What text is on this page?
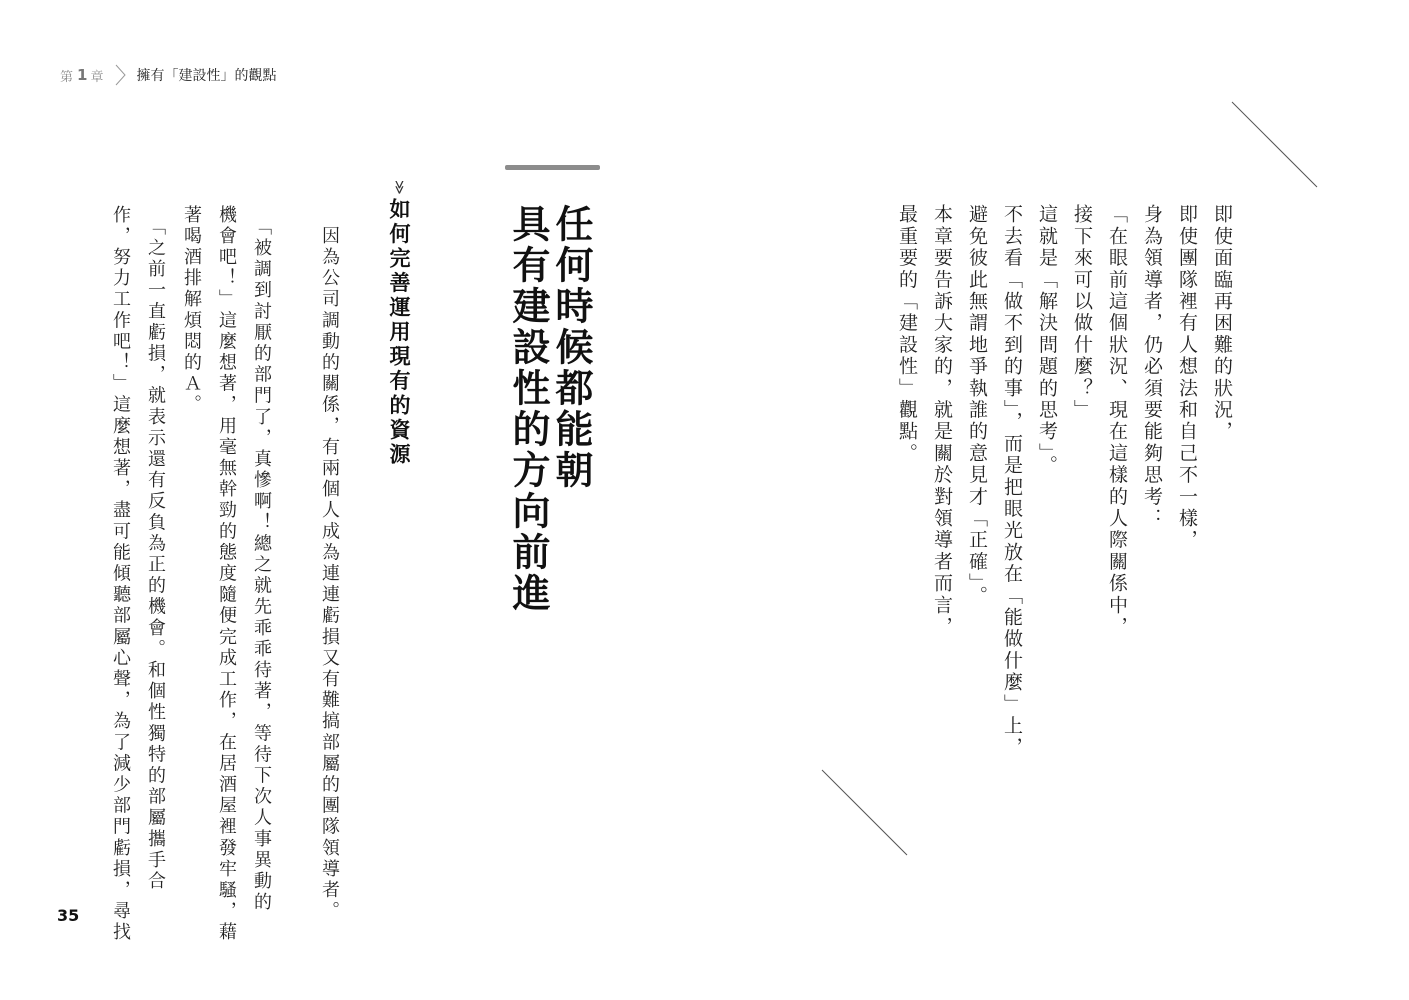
第 1 章 擁有「建設性」的觀點
即使面臨再困難的狀況，
即使團隊裡有人想法和自己不一樣，
身為領導者，仍必須要能夠思考：
「在眼前這個狀況、現在這樣的人際關係中，
接下來可以做什麼？」
這就是「解決問題的思考」。
不去看「做不到的事」，而是把眼光放在「能做什麼」上，
避免彼此無謂地爭執誰的意見才「正確」。
本章要告訴大家的，就是關於對領導者而言，
最重要的「建設性」觀點。
任何時候都能朝
具有建設性的方向前進
≫如何完善運用現有的資源
　因為公司調動的關係，有兩個人成為連連虧損又有難搞部屬的團隊領導者。
　「被調到討厭的部門了，真慘啊！總之就先乖乖待著，等待下次人事異動的
機會吧！」這麼想著，用毫無幹勁的態度隨便完成工作，在居酒屋裡發牢騷，藉
著喝酒排解煩悶的Ａ。
　「之前一直虧損，就表示還有反負為正的機會。和個性獨特的部屬攜手合
作，努力工作吧！」這麼想著，盡可能傾聽部屬心聲，為了減少部門虧損，尋找
35
